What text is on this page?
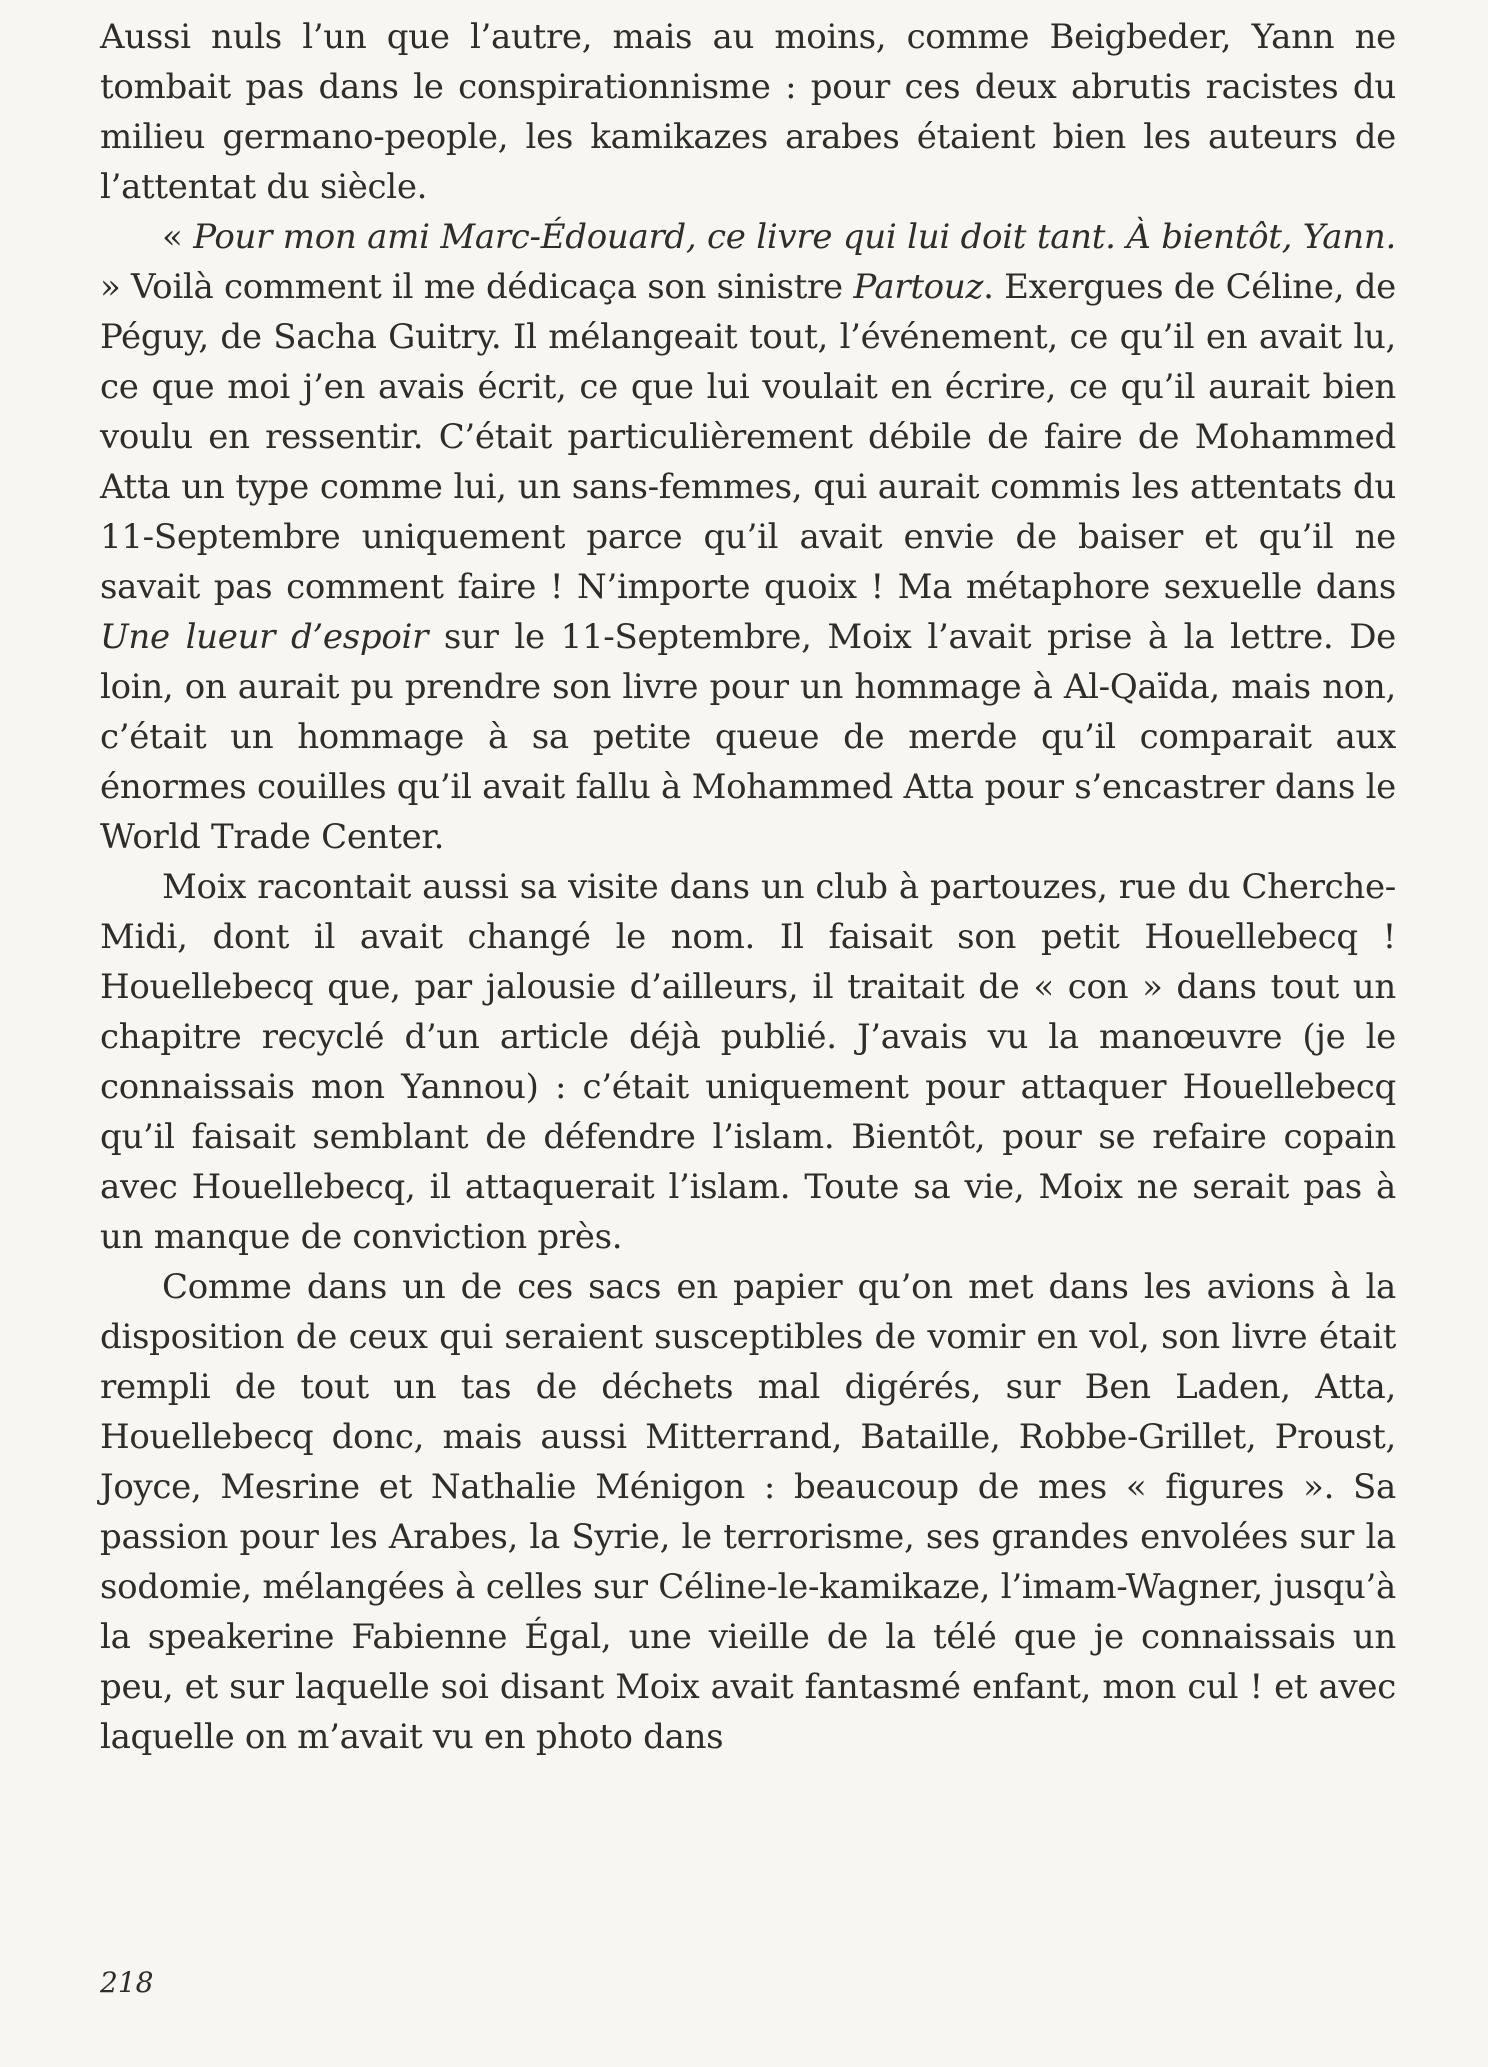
Aussi nuls l’un que l’autre, mais au moins, comme Beigbeder, Yann ne tombait pas dans le conspirationnisme : pour ces deux abrutis racistes du milieu germano-people, les kamikazes arabes étaient bien les auteurs de l’attentat du siècle.

« Pour mon ami Marc-Édouard, ce livre qui lui doit tant. À bientôt, Yann. » Voilà comment il me dédicaça son sinistre Partouz. Exergues de Céline, de Péguy, de Sacha Guitry. Il mélangeait tout, l’événement, ce qu’il en avait lu, ce que moi j’en avais écrit, ce que lui voulait en écrire, ce qu’il aurait bien voulu en ressentir. C’était particulièrement débile de faire de Mohammed Atta un type comme lui, un sans-femmes, qui aurait commis les attentats du 11-Septembre uniquement parce qu’il avait envie de baiser et qu’il ne savait pas comment faire ! N’importe quoix ! Ma métaphore sexuelle dans Une lueur d’espoir sur le 11-Septembre, Moix l’avait prise à la lettre. De loin, on aurait pu prendre son livre pour un hommage à Al-Qaïda, mais non, c’était un hommage à sa petite queue de merde qu’il comparait aux énormes couilles qu’il avait fallu à Mohammed Atta pour s’encastrer dans le World Trade Center.

Moix racontait aussi sa visite dans un club à partouzes, rue du Cherche-Midi, dont il avait changé le nom. Il faisait son petit Houellebecq ! Houellebecq que, par jalousie d’ailleurs, il traitait de « con » dans tout un chapitre recyclé d’un article déjà publié. J’avais vu la manœuvre (je le connaissais mon Yannou) : c’était uniquement pour attaquer Houellebecq qu’il faisait semblant de défendre l’islam. Bientôt, pour se refaire copain avec Houellebecq, il attaquerait l’islam. Toute sa vie, Moix ne serait pas à un manque de conviction près.

Comme dans un de ces sacs en papier qu’on met dans les avions à la disposition de ceux qui seraient susceptibles de vomir en vol, son livre était rempli de tout un tas de déchets mal digérés, sur Ben Laden, Atta, Houellebecq donc, mais aussi Mitterrand, Bataille, Robbe-Grillet, Proust, Joyce, Mesrine et Nathalie Ménigon : beaucoup de mes « figures ». Sa passion pour les Arabes, la Syrie, le terrorisme, ses grandes envolées sur la sodomie, mélangées à celles sur Céline-le-kamikaze, l’imam-Wagner, jusqu’à la speakerine Fabienne Égal, une vieille de la télé que je connaissais un peu, et sur laquelle soi disant Moix avait fantasmé enfant, mon cul ! et avec laquelle on m’avait vu en photo dans

218
